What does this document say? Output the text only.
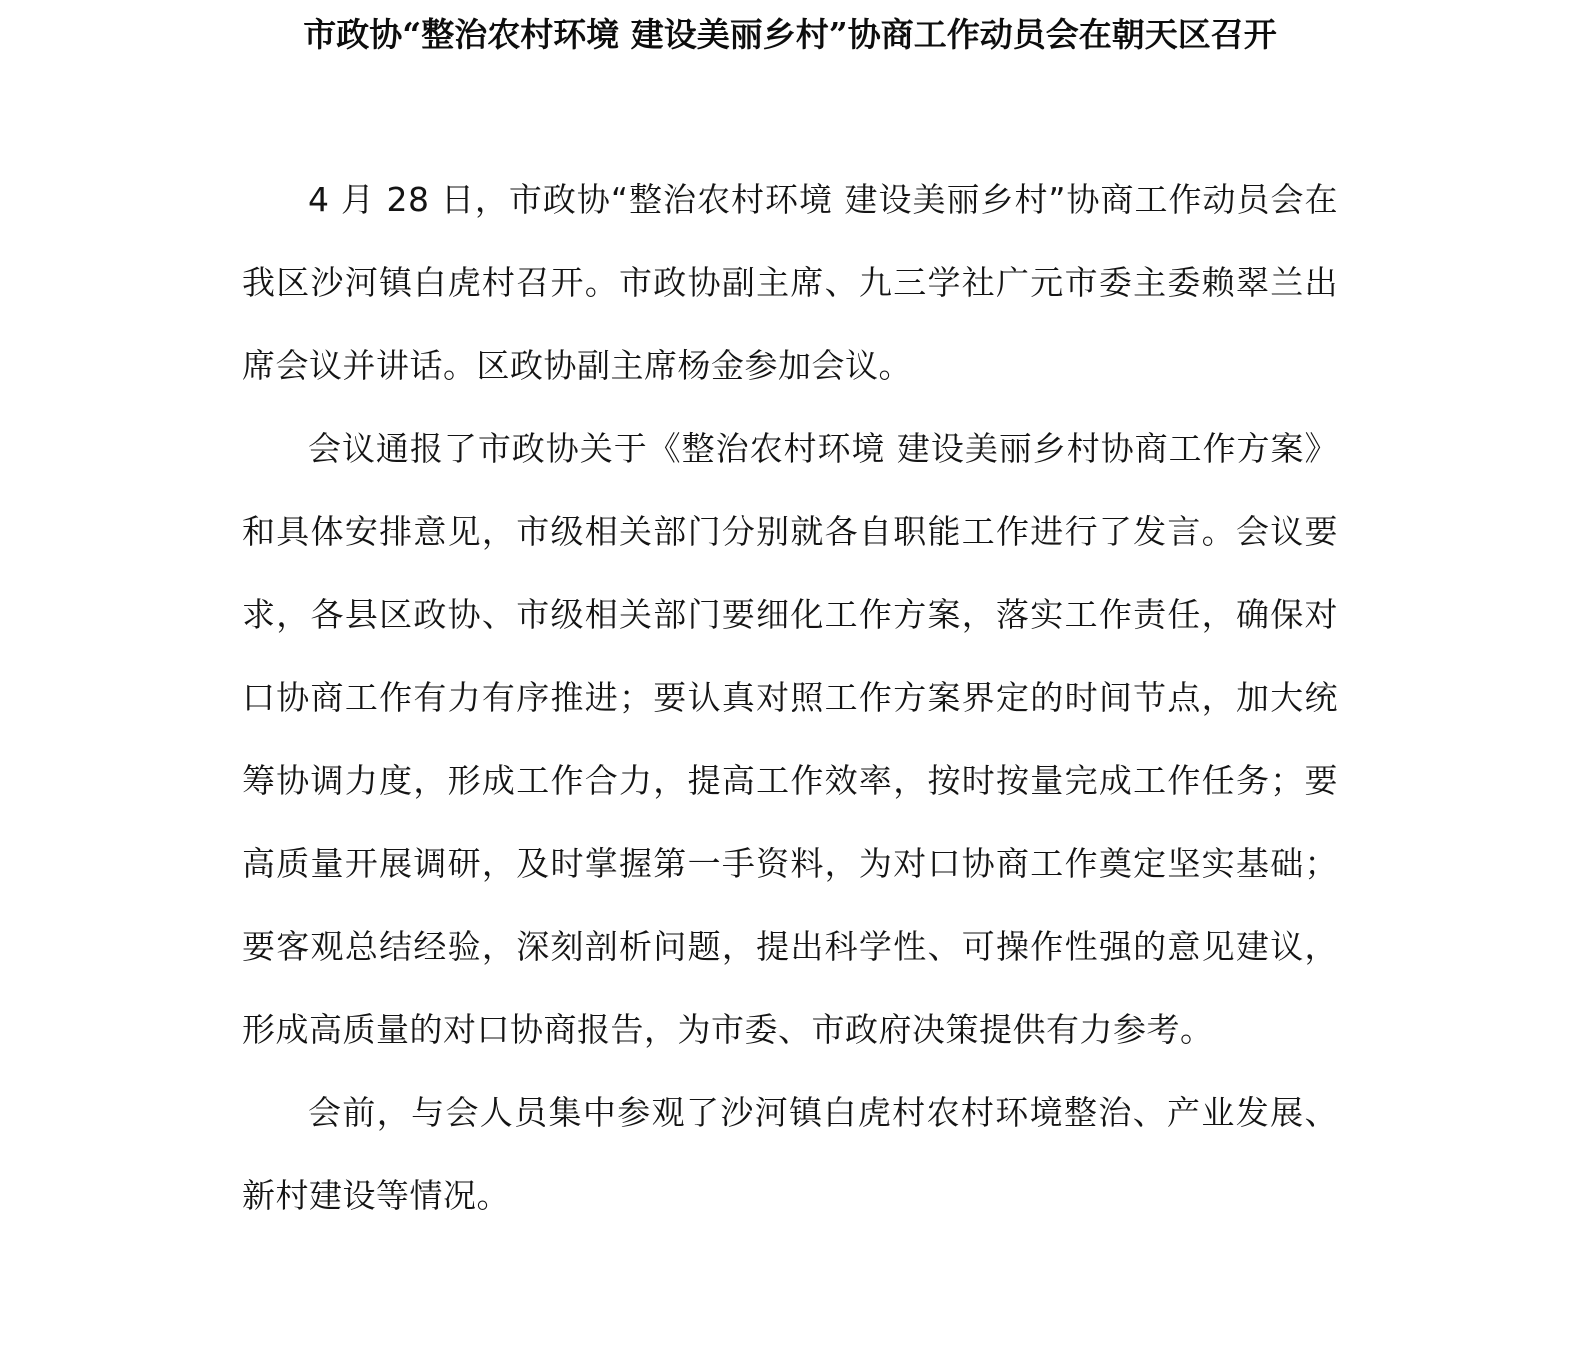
市政协“整治农村环境 建设美丽乡村”协商工作动员会在朝天区召开

4 月 28 日，市政协“整治农村环境 建设美丽乡村”协商工作动员会在我区沙河镇白虎村召开。市政协副主席、九三学社广元市委主委赖翠兰出席会议并讲话。区政协副主席杨金参加会议。

会议通报了市政协关于《整治农村环境 建设美丽乡村协商工作方案》和具体安排意见，市级相关部门分别就各自职能工作进行了发言。会议要求，各县区政协、市级相关部门要细化工作方案，落实工作责任，确保对口协商工作有力有序推进；要认真对照工作方案界定的时间节点，加大统筹协调力度，形成工作合力，提高工作效率，按时按量完成工作任务；要高质量开展调研，及时掌握第一手资料，为对口协商工作奠定坚实基础；要客观总结经验，深刻剖析问题，提出科学性、可操作性强的意见建议，形成高质量的对口协商报告，为市委、市政府决策提供有力参考。

会前，与会人员集中参观了沙河镇白虎村农村环境整治、产业发展、新村建设等情况。
